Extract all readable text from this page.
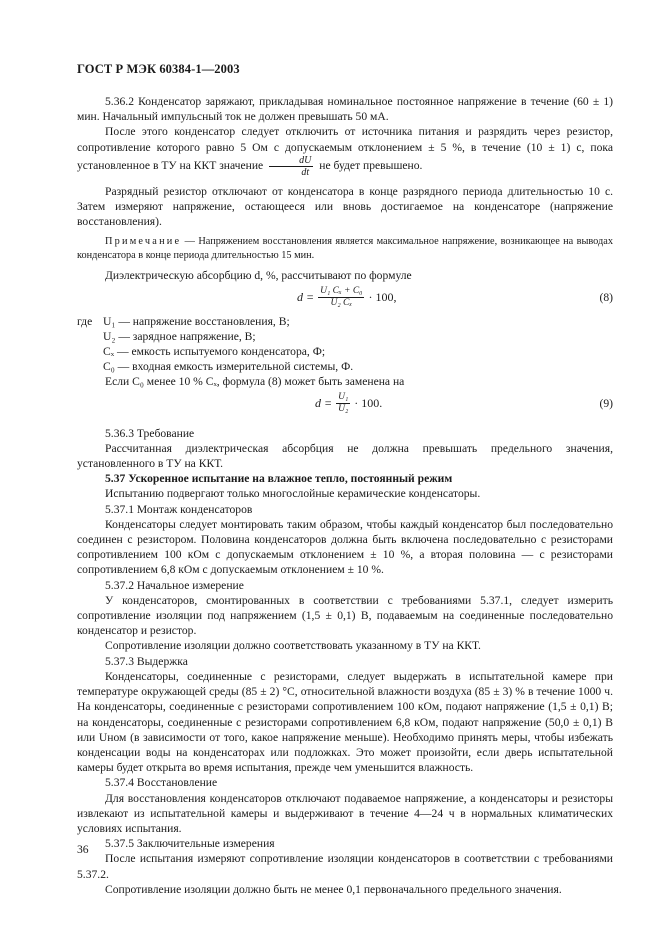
ГОСТ Р МЭК 60384-1—2003

5.36.2 Конденсатор заряжают, прикладывая номинальное постоянное напряжение в течение (60 ± 1) мин. Начальный импульсный ток не должен превышать 50 мА.

После этого конденсатор следует отключить от источника питания и разрядить через резистор, сопротивление которого равно 5 Ом с допускаемым отклонением ± 5 %, в течение (10 ± 1) с, пока установленное в ТУ на ККТ значение $\frac{dU}{dt}$ не будет превышено.

Разрядный резистор отключают от конденсатора в конце разрядного периода длительностью 10 с. Затем измеряют напряжение, остающееся или вновь достигаемое на конденсаторе (напряжение восстановления).

Примечание — Напряжением восстановления является максимальное напряжение, возникающее на выводах конденсатора в конце периода длительностью 15 мин.

Диэлектрическую абсорбцию d, %, рассчитывают по формуле

$d = \frac{\text{U₁ Cₓ + C₀}}{\text{U₂ Cₓ}} \cdot 100$,	(8)
где U₁ — напряжение восстановления, В;
U₂ — зарядное напряжение, В;
Cₓ — емкость испытуемого конденсатора, Ф;
C₀ — входная емкость измерительной системы, Ф.

Если C₀ менее 10 % Cₓ, формула (8) может быть заменена на

$d = \frac{\text{U₁}}{\text{U₂}} \cdot 100$.	(9)

5.36.3 Требование

Рассчитанная диэлектрическая абсорбция не должна превышать предельного значения, установленного в ТУ на ККТ.

5.37 Ускоренное испытание на влажное тепло, постоянный режим

Испытанию подвергают только многослойные керамические конденсаторы.

5.37.1 Монтаж конденсаторов

Конденсаторы следует монтировать таким образом, чтобы каждый конденсатор был последовательно соединен с резистором. Половина конденсаторов должна быть включена последовательно с резисторами сопротивлением 100 кОм с допускаемым отклонением ± 10 %, а вторая половина — с резисторами сопротивлением 6,8 кОм с допускаемым отклонением ± 10 %.

5.37.2 Начальное измерение

У конденсаторов, смонтированных в соответствии с требованиями 5.37.1, следует измерить сопротивление изоляции под напряжением (1,5 ± 0,1) В, подаваемым на соединенные последовательно конденсатор и резистор.

Сопротивление изоляции должно соответствовать указанному в ТУ на ККТ.

5.37.3 Выдержка

Конденсаторы, соединенные с резисторами, следует выдержать в испытательной камере при температуре окружающей среды (85 ± 2) °С, относительной влажности воздуха (85 ± 3) % в течение 1000 ч. На конденсаторы, соединенные с резисторами сопротивлением 100 кОм, подают напряжение (1,5 ± 0,1) В; на конденсаторы, соединенные с резисторами сопротивлением 6,8 кОм, подают напряжение (50,0 ± 0,1) В или Uном (в зависимости от того, какое напряжение меньше). Необходимо принять меры, чтобы избежать конденсации воды на конденсаторах или подложках. Это может произойти, если дверь испытательной камеры будет открыта во время испытания, прежде чем уменьшится влажность.

5.37.4 Восстановление

Для восстановления конденсаторов отключают подаваемое напряжение, а конденсаторы и резисторы извлекают из испытательной камеры и выдерживают в течение 4—24 ч в нормальных климатических условиях испытания.

5.37.5 Заключительные измерения

После испытания измеряют сопротивление изоляции конденсаторов в соответствии с требованиями 5.37.2.

Сопротивление изоляции должно быть не менее 0,1 первоначального предельного значения.

36
